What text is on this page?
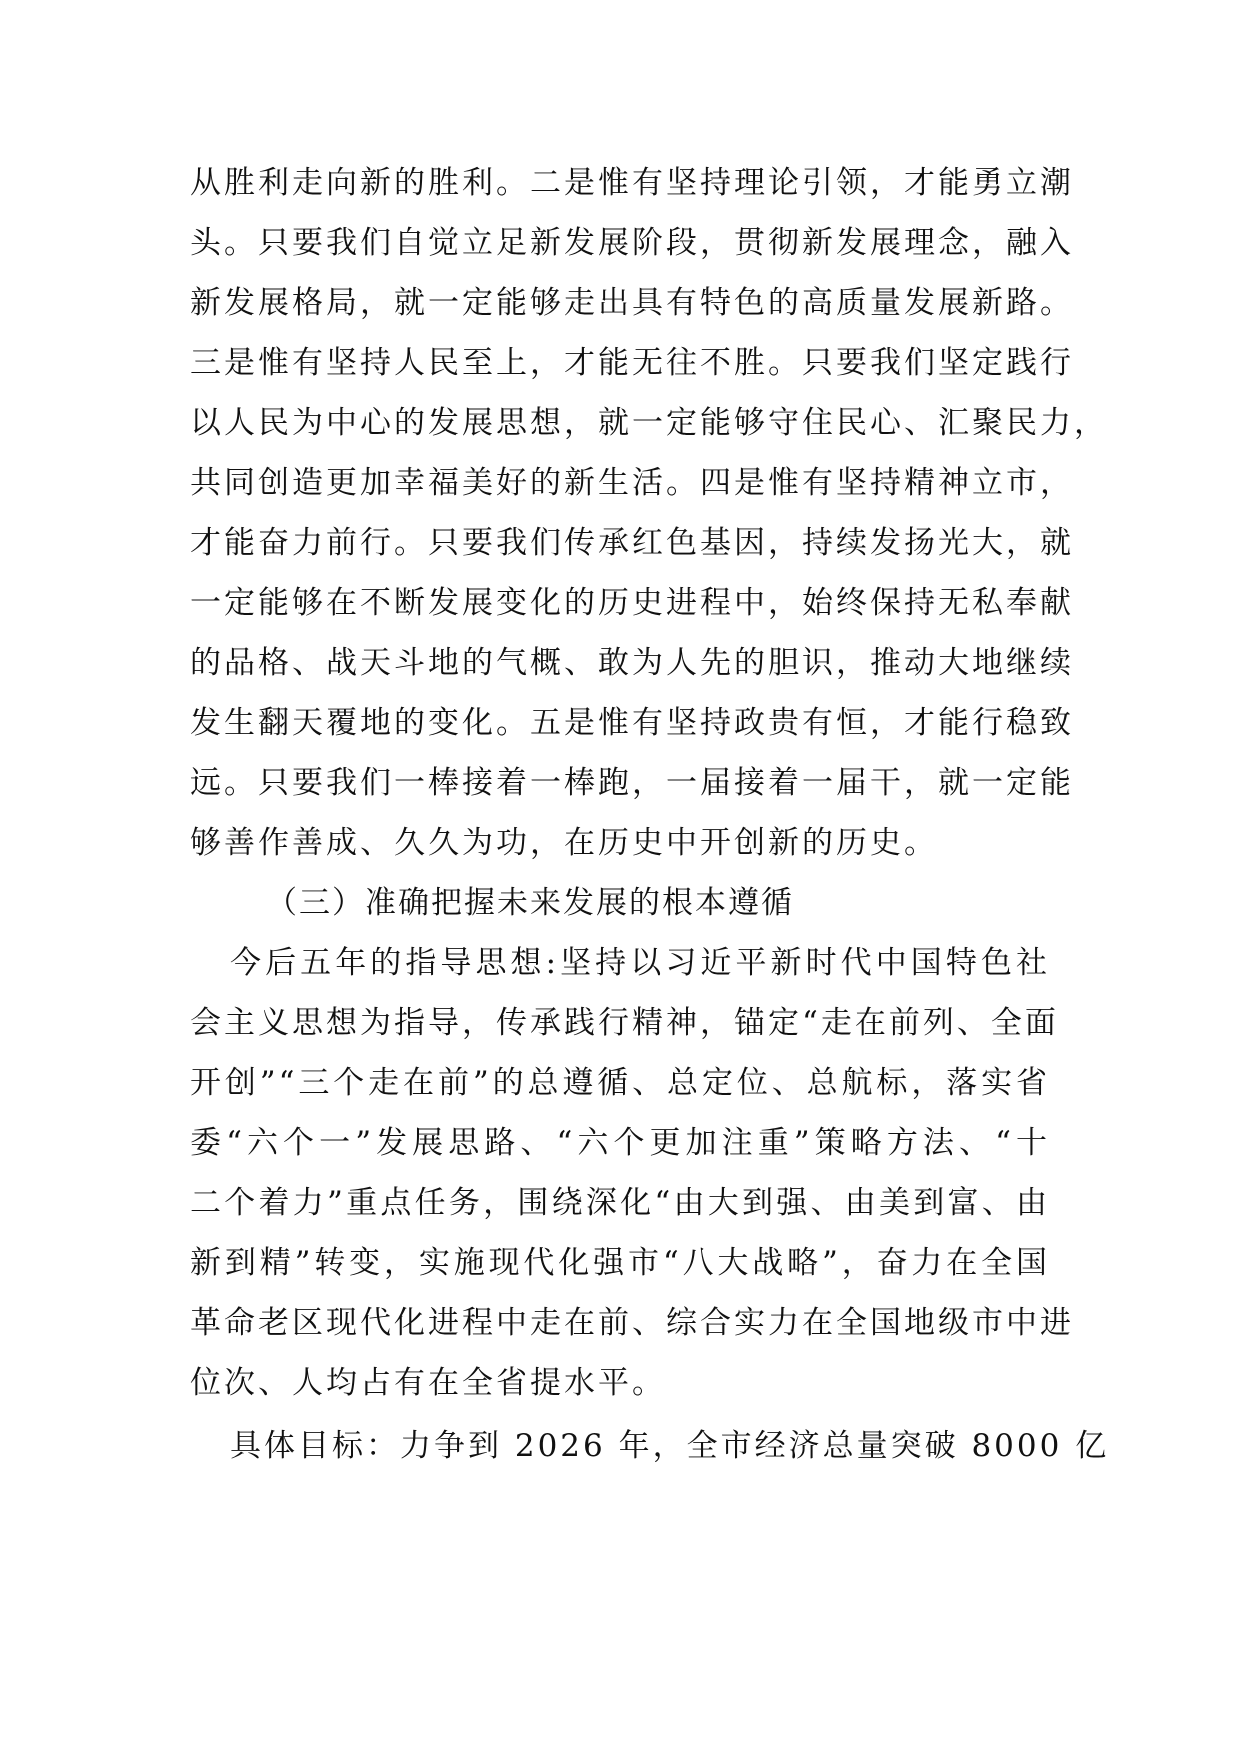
从胜利走向新的胜利。二是惟有坚持理论引领，才能勇立潮
头。只要我们自觉立足新发展阶段，贯彻新发展理念，融入
新发展格局，就一定能够走出具有特色的高质量发展新路。
三是惟有坚持人民至上，才能无往不胜。只要我们坚定践行
以人民为中心的发展思想，就一定能够守住民心、汇聚民力，
共同创造更加幸福美好的新生活。四是惟有坚持精神立市，
才能奋力前行。只要我们传承红色基因，持续发扬光大，就
一定能够在不断发展变化的历史进程中，始终保持无私奉献
的品格、战天斗地的气概、敢为人先的胆识，推动大地继续
发生翻天覆地的变化。五是惟有坚持政贵有恒，才能行稳致
远。只要我们一棒接着一棒跑，一届接着一届干，就一定能
够善作善成、久久为功，在历史中开创新的历史。
（三）准确把握未来发展的根本遵循
今后五年的指导思想:坚持以习近平新时代中国特色社
会主义思想为指导，传承践行精神，锚定“走在前列、全面
开创”“三个走在前”的总遵循、总定位、总航标，落实省
委“六个一”发展思路、“六个更加注重”策略方法、“十
二个着力”重点任务，围绕深化“由大到强、由美到富、由
新到精”转变，实施现代化强市“八大战略”，奋力在全国
革命老区现代化进程中走在前、综合实力在全国地级市中进
位次、人均占有在全省提水平。
具体目标：力争到 2026 年，全市经济总量突破 8000 亿
